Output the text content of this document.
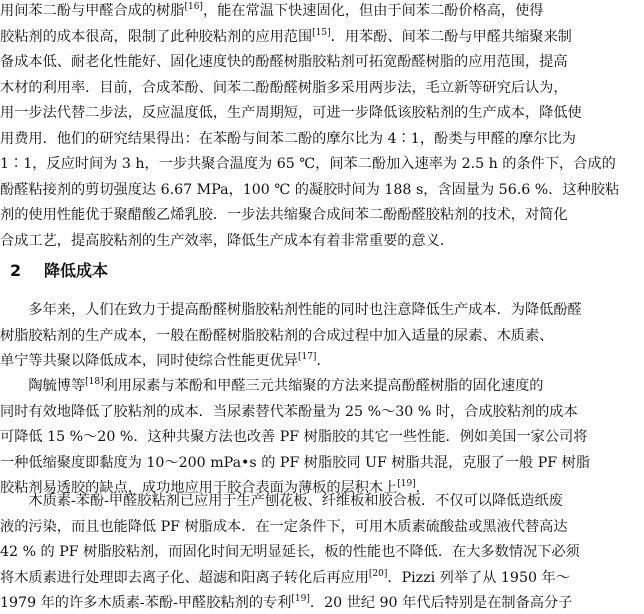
用间苯二酚与甲醛合成的树脂[16]，能在常温下快速固化，但由于间苯二酚价格高，使得
胶粘剂的成本很高，限制了此种胶粘剂的应用范围[15]．用苯酚、间苯二酚与甲醛共缩聚来制
备成本低、耐老化性能好、固化速度快的酚醛树脂胶粘剂可拓宽酚醛树脂的应用范围，提高
木材的利用率．目前，合成苯酚、间苯二酚酚醛树脂多采用两步法，毛立新等研究后认为，
用一步法代替二步法，反应温度低，生产周期短，可进一步降低该胶粘剂的生产成本，降低使
用费用．他们的研究结果得出：在苯酚与间苯二酚的摩尔比为 4∶1，酚类与甲醛的摩尔比为
1∶1，反应时间为 3 h，一步共聚合温度为 65 ℃，间苯二酚加入速率为 2.5 h 的条件下，合成的
酚醛粘接剂的剪切强度达 6.67 MPa，100 ℃ 的凝胶时间为 188 s，含固量为 56.6 %．这种胶粘
剂的使用性能优于聚醋酸乙烯乳胶．一步法共缩聚合成间苯二酚酚醛胶粘剂的技术，对简化
合成工艺，提高胶粘剂的生产效率，降低生产成本有着非常重要的意义．
2 降低成本
　　多年来，人们在致力于提高酚醛树脂胶粘剂性能的同时也注意降低生产成本．为降低酚醛
树脂胶粘剂的生产成本，一般在酚醛树脂胶粘剂的合成过程中加入适量的尿素、木质素、
单宁等共聚以降低成本，同时使综合性能更优异[17]．
　　陶毓博等[18]利用尿素与苯酚和甲醛三元共缩聚的方法来提高酚醛树脂的固化速度的
同时有效地降低了胶粘剂的成本．当尿素替代苯酚量为 25 %～30 % 时，合成胶粘剂的成本
可降低 15 %～20 %．这种共聚方法也改善 PF 树脂胶的其它一些性能．例如美国一家公司将
一种低缩聚度即黏度为 10～200 mPa•s 的 PF 树脂胶同 UF 树脂共混，克服了一般 PF 树脂
胶粘剂易透胶的缺点，成功地应用于胶合表面为薄板的层积木上[19]．
　　木质素-苯酚-甲醛胶粘剂已应用于生产刨花板、纤维板和胶合板．不仅可以降低造纸废
液的污染，而且也能降低 PF 树脂成本．在一定条件下，可用木质素硫酸盐或黑液代替高达
42 % 的 PF 树脂胶粘剂，而固化时间无明显延长，板的性能也不降低．在大多数情况下必须
将木质素进行处理即去离子化、超滤和阳离子转化后再应用[20]．Pizzi 列举了从 1950 年～
1979 年的许多木质素-苯酚-甲醛胶粘剂的专利[19]．20 世纪 90 年代后特别是在制备高分子
